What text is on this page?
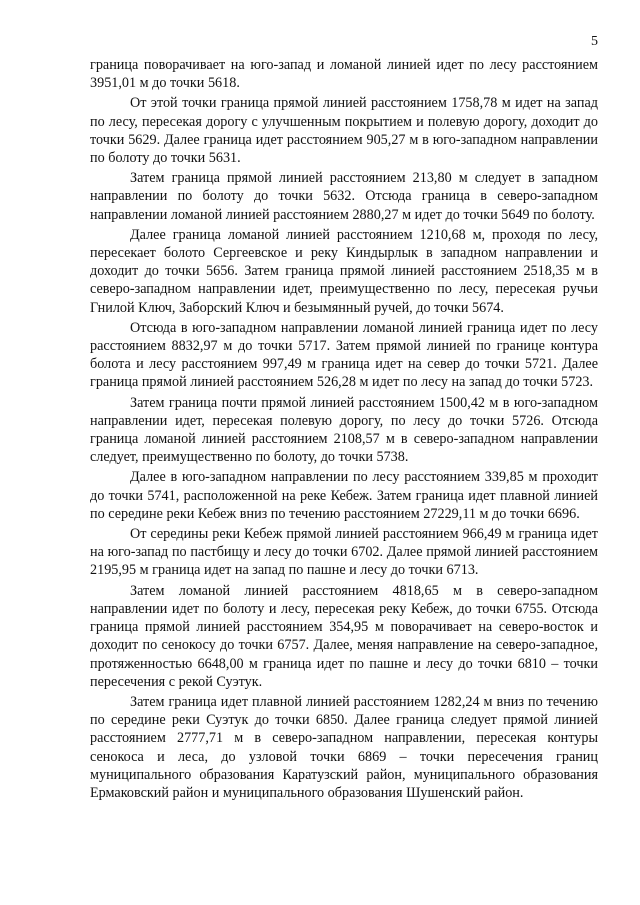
5

граница поворачивает на юго-запад и ломаной линией идет по лесу расстоянием 3951,01 м до точки 5618.

От этой точки граница прямой линией расстоянием 1758,78 м идет на запад по лесу, пересекая дорогу с улучшенным покрытием и полевую дорогу, доходит до точки 5629. Далее граница идет расстоянием 905,27 м в юго-западном направлении по болоту до точки 5631.

Затем граница прямой линией расстоянием 213,80 м следует в западном направлении по болоту до точки 5632. Отсюда граница в северо-западном направлении ломаной линией расстоянием 2880,27 м идет до точки 5649 по болоту.

Далее граница ломаной линией расстоянием 1210,68 м, проходя по лесу, пересекает болото Сергеевское и реку Киндырлык в западном направлении и доходит до точки 5656. Затем граница прямой линией расстоянием 2518,35 м в северо-западном направлении идет, преимущественно по лесу, пересекая ручьи Гнилой Ключ, Заборский Ключ и безымянный ручей, до точки 5674.

Отсюда в юго-западном направлении ломаной линией граница идет по лесу расстоянием 8832,97 м до точки 5717. Затем прямой линией по границе контура болота и лесу расстоянием 997,49 м граница идет на север до точки 5721. Далее граница прямой линией расстоянием 526,28 м идет по лесу на запад до точки 5723.

Затем граница почти прямой линией расстоянием 1500,42 м в юго-западном направлении идет, пересекая полевую дорогу, по лесу до точки 5726. Отсюда граница ломаной линией расстоянием 2108,57 м в северо-западном направлении следует, преимущественно по болоту, до точки 5738.

Далее в юго-западном направлении по лесу расстоянием 339,85 м проходит до точки 5741, расположенной на реке Кебеж. Затем граница идет плавной линией по середине реки Кебеж вниз по течению расстоянием 27229,11 м до точки 6696.

От середины реки Кебеж прямой линией расстоянием 966,49 м граница идет на юго-запад по пастбищу и лесу до точки 6702. Далее прямой линией расстоянием 2195,95 м граница идет на запад по пашне и лесу до точки 6713.

Затем ломаной линией расстоянием 4818,65 м в северо-западном направлении идет по болоту и лесу, пересекая реку Кебеж, до точки 6755. Отсюда граница прямой линией расстоянием 354,95 м поворачивает на северо-восток и доходит по сенокосу до точки 6757. Далее, меняя направление на северо-западное, протяженностью 6648,00 м граница идет по пашне и лесу до точки 6810 – точки пересечения с рекой Суэтук.

Затем граница идет плавной линией расстоянием 1282,24 м вниз по течению по середине реки Суэтук до точки 6850. Далее граница следует прямой линией расстоянием 2777,71 м в северо-западном направлении, пересекая контуры сенокоса и леса, до узловой точки 6869 – точки пересечения границ муниципального образования Каратузский район, муниципального образования Ермаковский район и муниципального образования Шушенский район.
